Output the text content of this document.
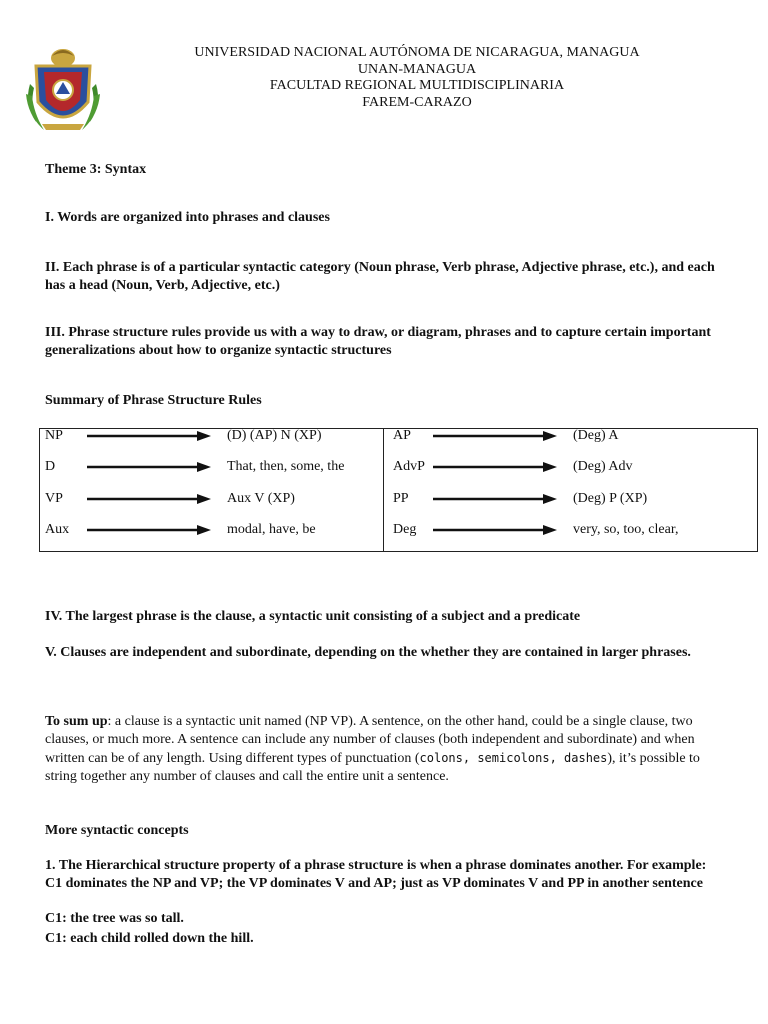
UNIVERSIDAD NACIONAL AUTÓNOMA DE NICARAGUA, MANAGUA
UNAN-MANAGUA
FACULTAD REGIONAL MULTIDISCIPLINARIA
FAREM-CARAZO
Theme 3: Syntax
I. Words are organized into phrases and clauses
II. Each phrase is of a particular syntactic category (Noun phrase, Verb phrase, Adjective phrase, etc.), and each has a head (Noun, Verb, Adjective, etc.)
III. Phrase structure rules provide us with a way to draw, or diagram, phrases and to capture certain important generalizations about how to organize syntactic structures
Summary of Phrase Structure Rules
NP		(D) (AP) N (XP)	AP		(Deg) A
D		That, then, some, the	AdvP		(Deg) Adv
VP		Aux V (XP)	PP		(Deg) P (XP)
Aux		modal, have, be	Deg		very, so, too, clear,
IV. The largest phrase is the clause, a syntactic unit consisting of a subject and a predicate
V. Clauses are independent and subordinate, depending on the whether they are contained in larger phrases.
To sum up: a clause is a syntactic unit named (NP VP). A sentence, on the other hand, could be a single clause, two clauses, or much more. A sentence can include any number of clauses (both independent and subordinate) and when written can be of any length. Using different types of punctuation (colons, semicolons, dashes), it’s possible to string together any number of clauses and call the entire unit a sentence.
More syntactic concepts
1. The Hierarchical structure property of a phrase structure is when a phrase dominates another. For example: C1 dominates the NP and VP; the VP dominates V and AP; just as VP dominates V and PP in another sentence
C1: the tree was so tall.
C1: each child rolled down the hill.
